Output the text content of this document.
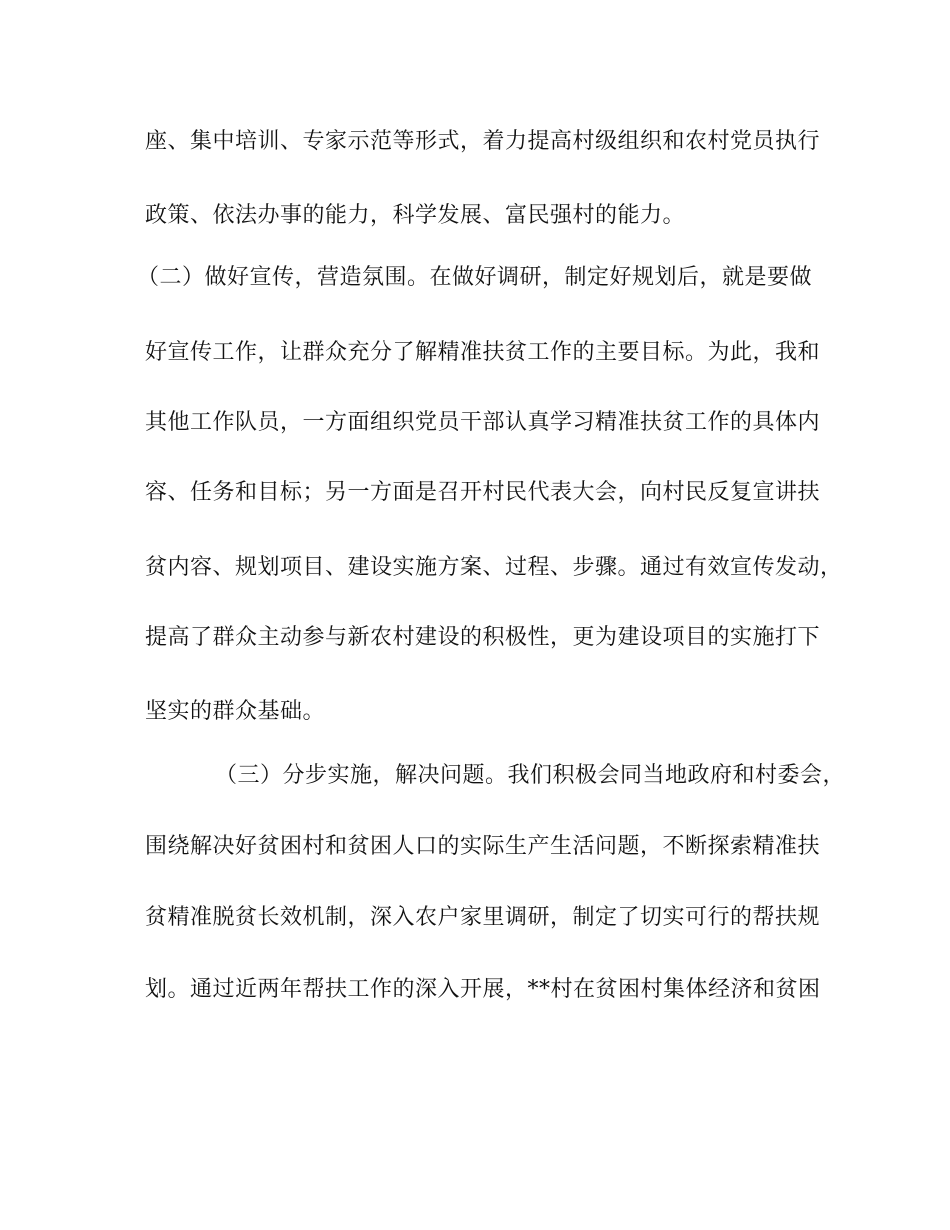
座、集中培训、专家示范等形式，着力提高村级组织和农村党员执行
政策、依法办事的能力，科学发展、富民强村的能力。
（二）做好宣传，营造氛围。在做好调研，制定好规划后，就是要做
好宣传工作，让群众充分了解精准扶贫工作的主要目标。为此，我和
其他工作队员，一方面组织党员干部认真学习精准扶贫工作的具体内
容、任务和目标；另一方面是召开村民代表大会，向村民反复宣讲扶
贫内容、规划项目、建设实施方案、过程、步骤。通过有效宣传发动，
提高了群众主动参与新农村建设的积极性，更为建设项目的实施打下
坚实的群众基础。
（三）分步实施，解决问题。我们积极会同当地政府和村委会，
围绕解决好贫困村和贫困人口的实际生产生活问题，不断探索精准扶
贫精准脱贫长效机制，深入农户家里调研，制定了切实可行的帮扶规
划。通过近两年帮扶工作的深入开展，**村在贫困村集体经济和贫困
